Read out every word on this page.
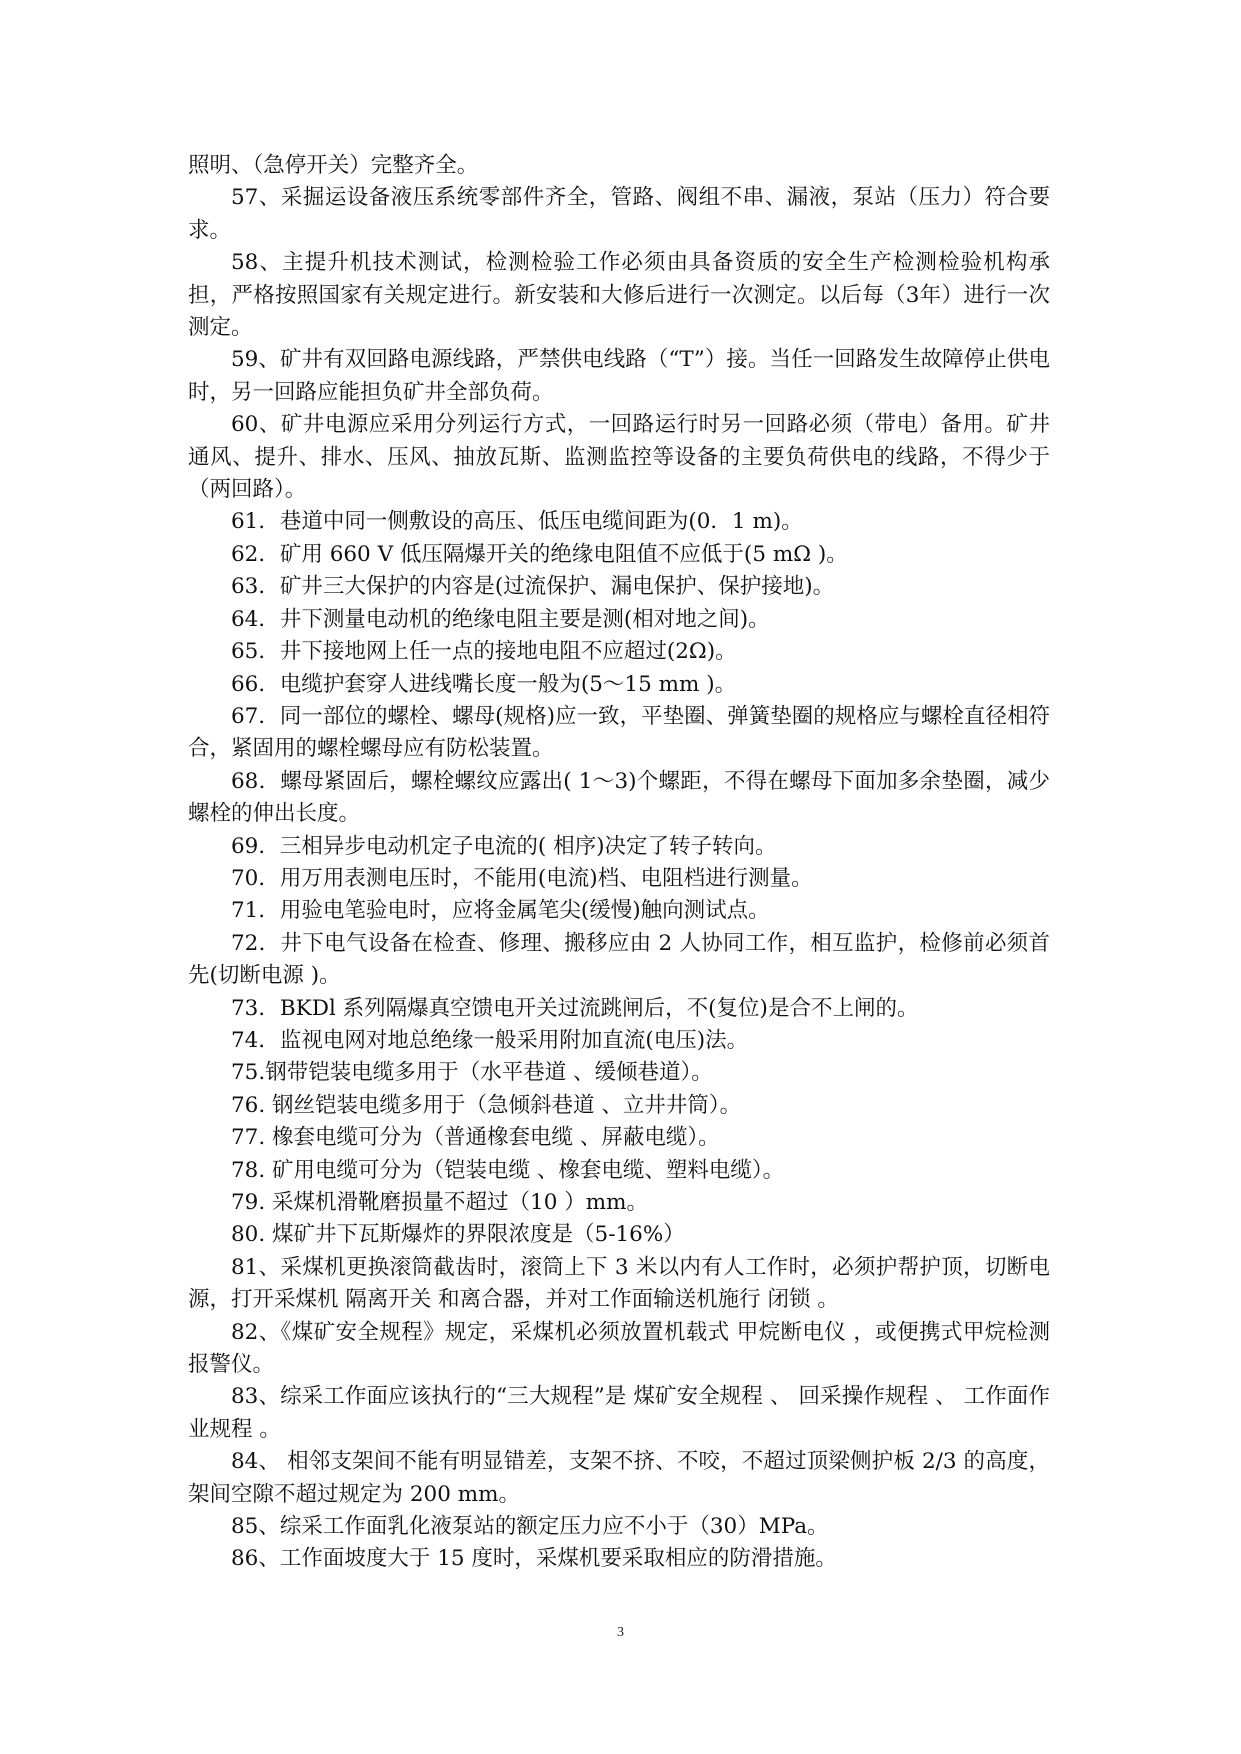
照明、（急停开关）完整齐全。

57、采掘运设备液压系统零部件齐全，管路、阀组不串、漏液，泵站（压力）符合要求。

58、主提升机技术测试，检测检验工作必须由具备资质的安全生产检测检验机构承担，严格按照国家有关规定进行。新安装和大修后进行一次测定。以后每（3年）进行一次测定。

59、矿井有双回路电源线路，严禁供电线路（“T”）接。当任一回路发生故障停止供电时，另一回路应能担负矿井全部负荷。

60、矿井电源应采用分列运行方式，一回路运行时另一回路必须（带电）备用。矿井通风、提升、排水、压风、抽放瓦斯、监测监控等设备的主要负荷供电的线路，不得少于（两回路）。

61．巷道中同一侧敷设的高压、低压电缆间距为(0．1 m)。

62．矿用 660 V 低压隔爆开关的绝缘电阻值不应低于(5 mΩ )。

63．矿井三大保护的内容是(过流保护、漏电保护、保护接地)。

64．井下测量电动机的绝缘电阻主要是测(相对地之间)。

65．井下接地网上任一点的接地电阻不应超过(2Ω)。

66．电缆护套穿人进线嘴长度一般为(5～15 mm )。

67．同一部位的螺栓、螺母(规格)应一致，平垫圈、弹簧垫圈的规格应与螺栓直径相符合，紧固用的螺栓螺母应有防松装置。

68．螺母紧固后，螺栓螺纹应露出( 1～3)个螺距，不得在螺母下面加多余垫圈，减少螺栓的伸出长度。

69．三相异步电动机定子电流的( 相序)决定了转子转向。

70．用万用表测电压时，不能用(电流)档、电阻档进行测量。

71．用验电笔验电时，应将金属笔尖(缓慢)触向测试点。

72．井下电气设备在检查、修理、搬移应由 2 人协同工作，相互监护，检修前必须首先(切断电源 )。

73．BKDl 系列隔爆真空馈电开关过流跳闸后，不(复位)是合不上闸的。

74．监视电网对地总绝缘一般采用附加直流(电压)法。

75.钢带铠装电缆多用于（水平巷道 、缓倾巷道）。

76. 钢丝铠装电缆多用于（急倾斜巷道 、立井井筒）。

77. 橡套电缆可分为（普通橡套电缆 、屏蔽电缆）。

78. 矿用电缆可分为（铠装电缆 、橡套电缆、塑料电缆）。

79. 采煤机滑靴磨损量不超过（10 ）mm。

80. 煤矿井下瓦斯爆炸的界限浓度是（5-16%）

81、采煤机更换滚筒截齿时，滚筒上下 3 米以内有人工作时，必须护帮护顶，切断电源，打开采煤机 隔离开关 和离合器，并对工作面输送机施行 闭锁 。

82、《煤矿安全规程》规定，采煤机必须放置机载式 甲烷断电仪 ，或便携式甲烷检测报警仪。

83、综采工作面应该执行的“三大规程”是 煤矿安全规程 、 回采操作规程 、 工作面作业规程 。

84、 相邻支架间不能有明显错差，支架不挤、不咬，不超过顶梁侧护板 2/3 的高度，架间空隙不超过规定为 200 mm。

85、综采工作面乳化液泵站的额定压力应不小于（30）MPa。

86、工作面坡度大于 15 度时，采煤机要采取相应的防滑措施。

3
